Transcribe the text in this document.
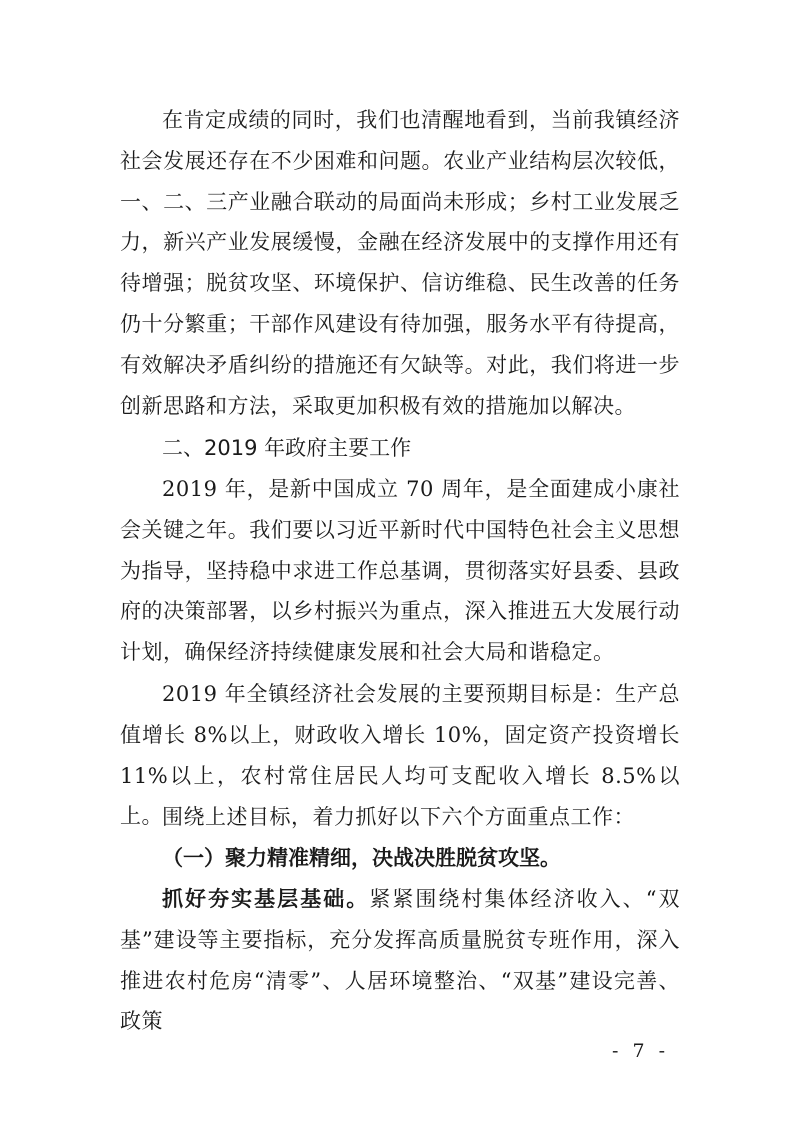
在肯定成绩的同时，我们也清醒地看到，当前我镇经济社会发展还存在不少困难和问题。农业产业结构层次较低，一、二、三产业融合联动的局面尚未形成；乡村工业发展乏力，新兴产业发展缓慢，金融在经济发展中的支撑作用还有待增强；脱贫攻坚、环境保护、信访维稳、民生改善的任务仍十分繁重；干部作风建设有待加强，服务水平有待提高，有效解决矛盾纠纷的措施还有欠缺等。对此，我们将进一步创新思路和方法，采取更加积极有效的措施加以解决。

二、2019 年政府主要工作

2019 年，是新中国成立 70 周年，是全面建成小康社会关键之年。我们要以习近平新时代中国特色社会主义思想为指导，坚持稳中求进工作总基调，贯彻落实好县委、县政府的决策部署，以乡村振兴为重点，深入推进五大发展行动计划，确保经济持续健康发展和社会大局和谐稳定。

2019 年全镇经济社会发展的主要预期目标是：生产总值增长 8%以上，财政收入增长 10%，固定资产投资增长 11%以上，农村常住居民人均可支配收入增长 8.5%以上。 围绕上述目标，着力抓好以下六个方面重点工作：

（一）聚力精准精细，决战决胜脱贫攻坚。

抓好夯实基层基础。紧紧围绕村集体经济收入、“双基”建设等主要指标，充分发挥高质量脱贫专班作用，深入推进农村危房“清零”、人居环境整治、“双基”建设完善、政策

- 7 -
